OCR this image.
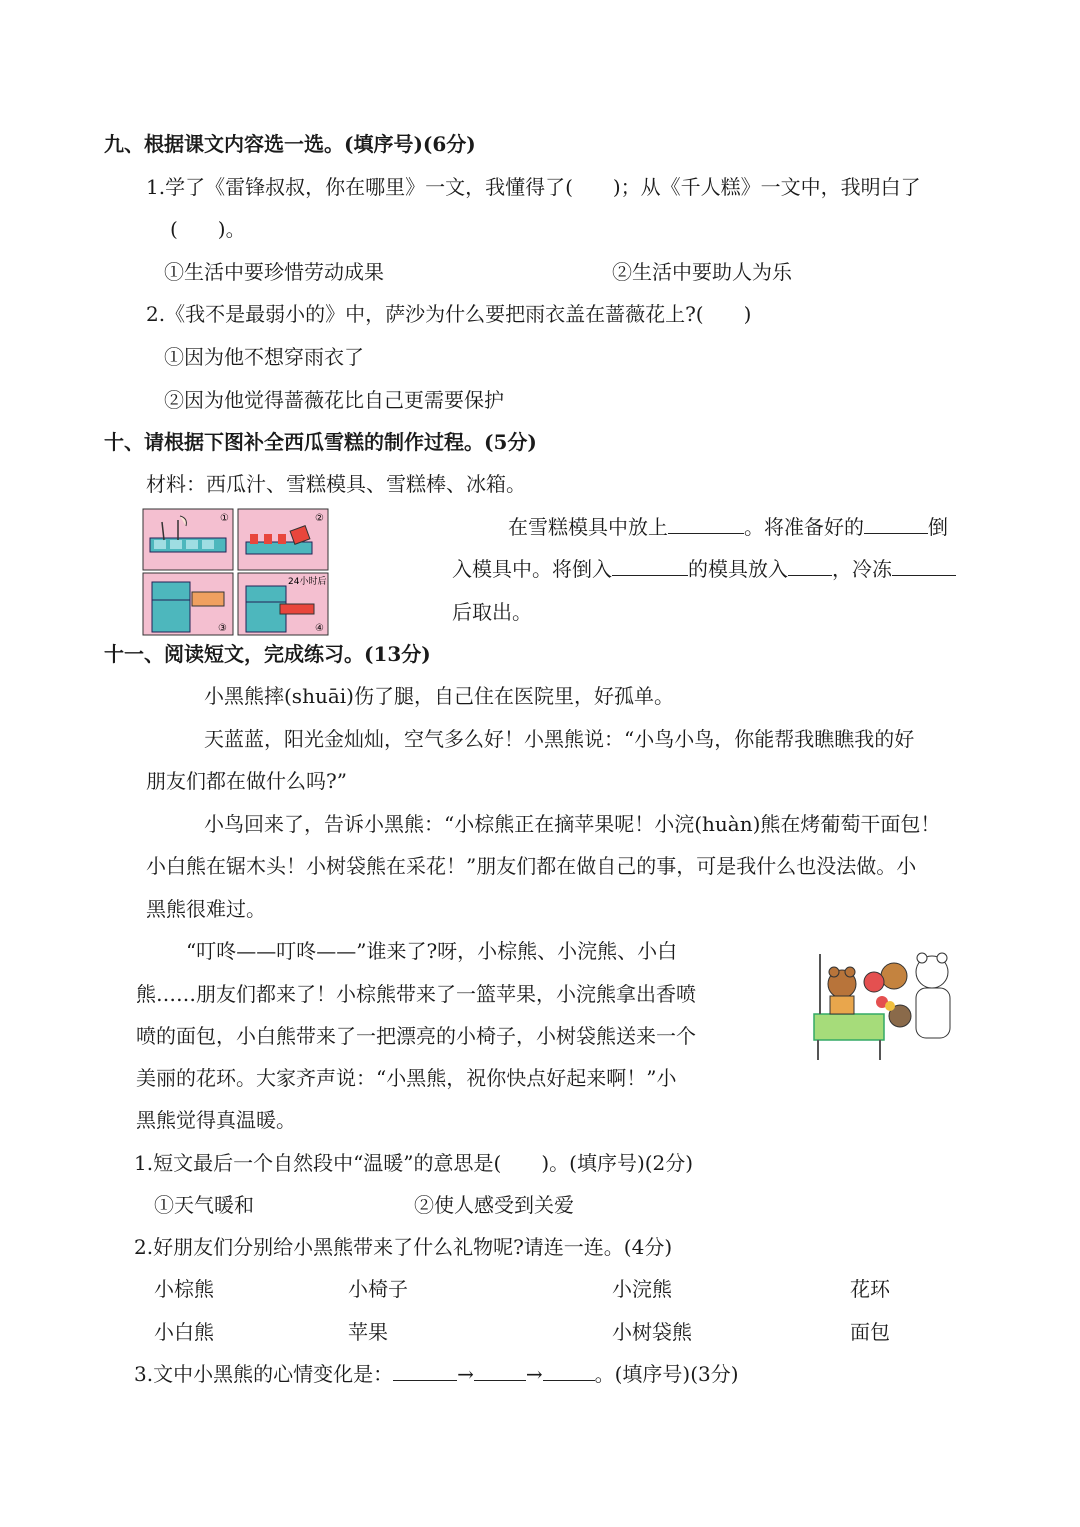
九、根据课文内容选一选。(填序号)(6分)
1.学了《雷锋叔叔，你在哪里》一文，我懂得了(　　)；从《千人糕》一文中，我明白了
(　　)。
①生活中要珍惜劳动成果	②生活中要助人为乐
2.《我不是最弱小的》中，萨沙为什么要把雨衣盖在蔷薇花上?(　　)
①因为他不想穿雨衣了
②因为他觉得蔷薇花比自己更需要保护
十、请根据下图补全西瓜雪糕的制作过程。(5分)
材料：西瓜汁、雪糕模具、雪糕棒、冰箱。
①	②
③
24小时后
④
在雪糕模具中放上	。将准备好的	倒
入模具中。将倒入	的模具放入 ，冷冻
后取出。
十一、阅读短文，完成练习。(13分)
小黑熊摔(shuāi)伤了腿，自己住在医院里，好孤单。
天蓝蓝，阳光金灿灿，空气多么好！小黑熊说：“小鸟小鸟，你能帮我瞧瞧我的好
朋友们都在做什么吗?”
小鸟回来了，告诉小黑熊：“小棕熊正在摘苹果呢！小浣(huàn)熊在烤葡萄干面包！
小白熊在锯木头！小树袋熊在采花！”朋友们都在做自己的事，可是我什么也没法做。小
黑熊很难过。
“叮咚——叮咚——”谁来了?呀，小棕熊、小浣熊、小白
熊……朋友们都来了！小棕熊带来了一篮苹果，小浣熊拿出香喷
喷的面包，小白熊带来了一把漂亮的小椅子，小树袋熊送来一个
美丽的花环。大家齐声说：“小黑熊，祝你快点好起来啊！”小
黑熊觉得真温暖。
1.短文最后一个自然段中“温暖”的意思是(　　)。(填序号)(2分)
①天气暖和	②使人感受到关爱
2.好朋友们分别给小黑熊带来了什么礼物呢?请连一连。(4分)
小棕熊	小椅子	小浣熊	花环
小白熊	苹果	小树袋熊	面包
3.文中小黑熊的心情变化是：	→	→	。(填序号)(3分)
